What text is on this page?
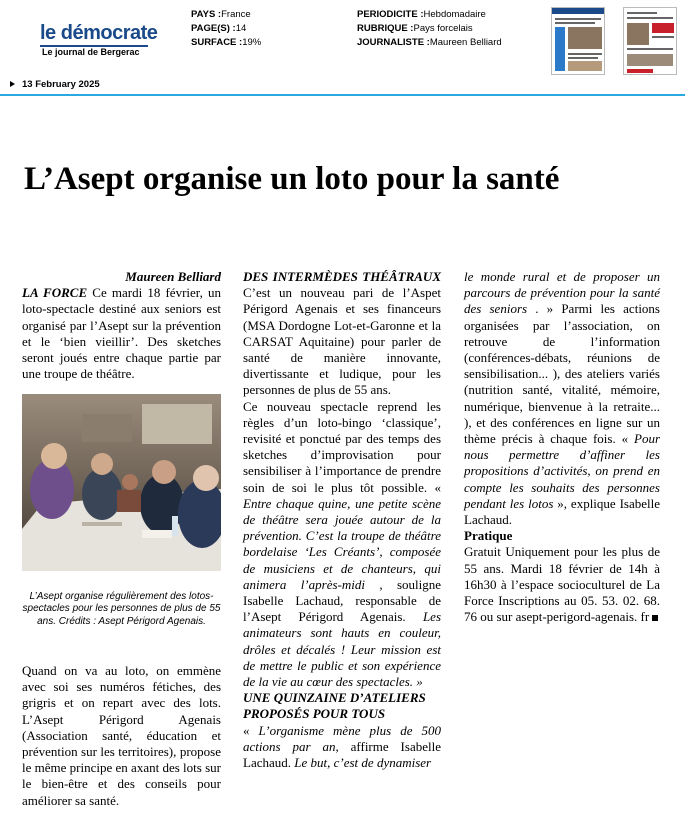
le démocrate
Le journal de Bergerac
PAYS :France
PAGE(S) :14
SURFACE :19%
PERIODICITE :Hebdomadaire
RUBRIQUE :Pays forcelais
JOURNALISTE :Maureen Belliard
13 February 2025
L’Asept organise un loto pour la santé
Maureen Belliard

LA FORCE Ce mardi 18 février, un loto-spectacle destiné aux seniors est organisé par l’Asept sur la prévention et le ‘bien vieillir’. Des sketches seront joués entre chaque partie par une troupe de théâtre.

L’Asept organise régulièrement des lotos-spectacles pour les personnes de plus de 55 ans. Crédits : Asept Périgord Agenais.

Quand on va au loto, on emmène avec soi ses numéros fétiches, des grigris et on repart avec des lots. L’Asept Périgord Agenais (Association santé, éducation et prévention sur les territoires), propose le même principe en axant des lots sur le bien-être et des conseils pour améliorer sa santé.

DES INTERMÈDES THÉÂTRAUX

C’est un nouveau pari de l’Aspet Périgord Agenais et ses financeurs (MSA Dordogne Lot-et-Garonne et la CARSAT Aquitaine) pour parler de santé de manière innovante, divertissante et ludique, pour les personnes de plus de 55 ans.

Ce nouveau spectacle reprend les règles d’un loto-bingo ‘classique’, revisité et ponctué par des temps des sketches d’improvisation pour sensibiliser à l’importance de prendre soin de soi le plus tôt possible. « Entre chaque quine, une petite scène de théâtre sera jouée autour de la prévention. C’est la troupe de théâtre bordelaise ‘Les Créants’, composée de musiciens et de chanteurs, qui animera l’après-midi , souligne Isabelle Lachaud, responsable de l’Asept Périgord Agenais. Les animateurs sont hauts en couleur, drôles et décalés ! Leur mission est de mettre le public et son expérience de la vie au cœur des spectacles. »

UNE QUINZAINE D’ATELIERS PROPOSÉS POUR TOUS

« L’organisme mène plus de 500 actions par an, affirme Isabelle Lachaud. Le but, c’est de dynamiser

le monde rural et de proposer un parcours de prévention pour la santé des seniors . » Parmi les actions organisées par l’association, on retrouve de l’information (conférences-débats, réunions de sensibilisation... ), des ateliers variés (nutrition santé, vitalité, mémoire, numérique, bienvenue à la retraite... ), et des conférences en ligne sur un thème précis à chaque fois. « Pour nous permettre d’affiner les propositions d’activités, on prend en compte les souhaits des personnes pendant les lotos », explique Isabelle Lachaud.

Pratique

Gratuit Uniquement pour les plus de 55 ans. Mardi 18 février de 14h à 16h30 à l’espace socioculturel de La Force Inscriptions au 05. 53. 02. 68. 76 ou sur asept-perigord-agenais. fr
